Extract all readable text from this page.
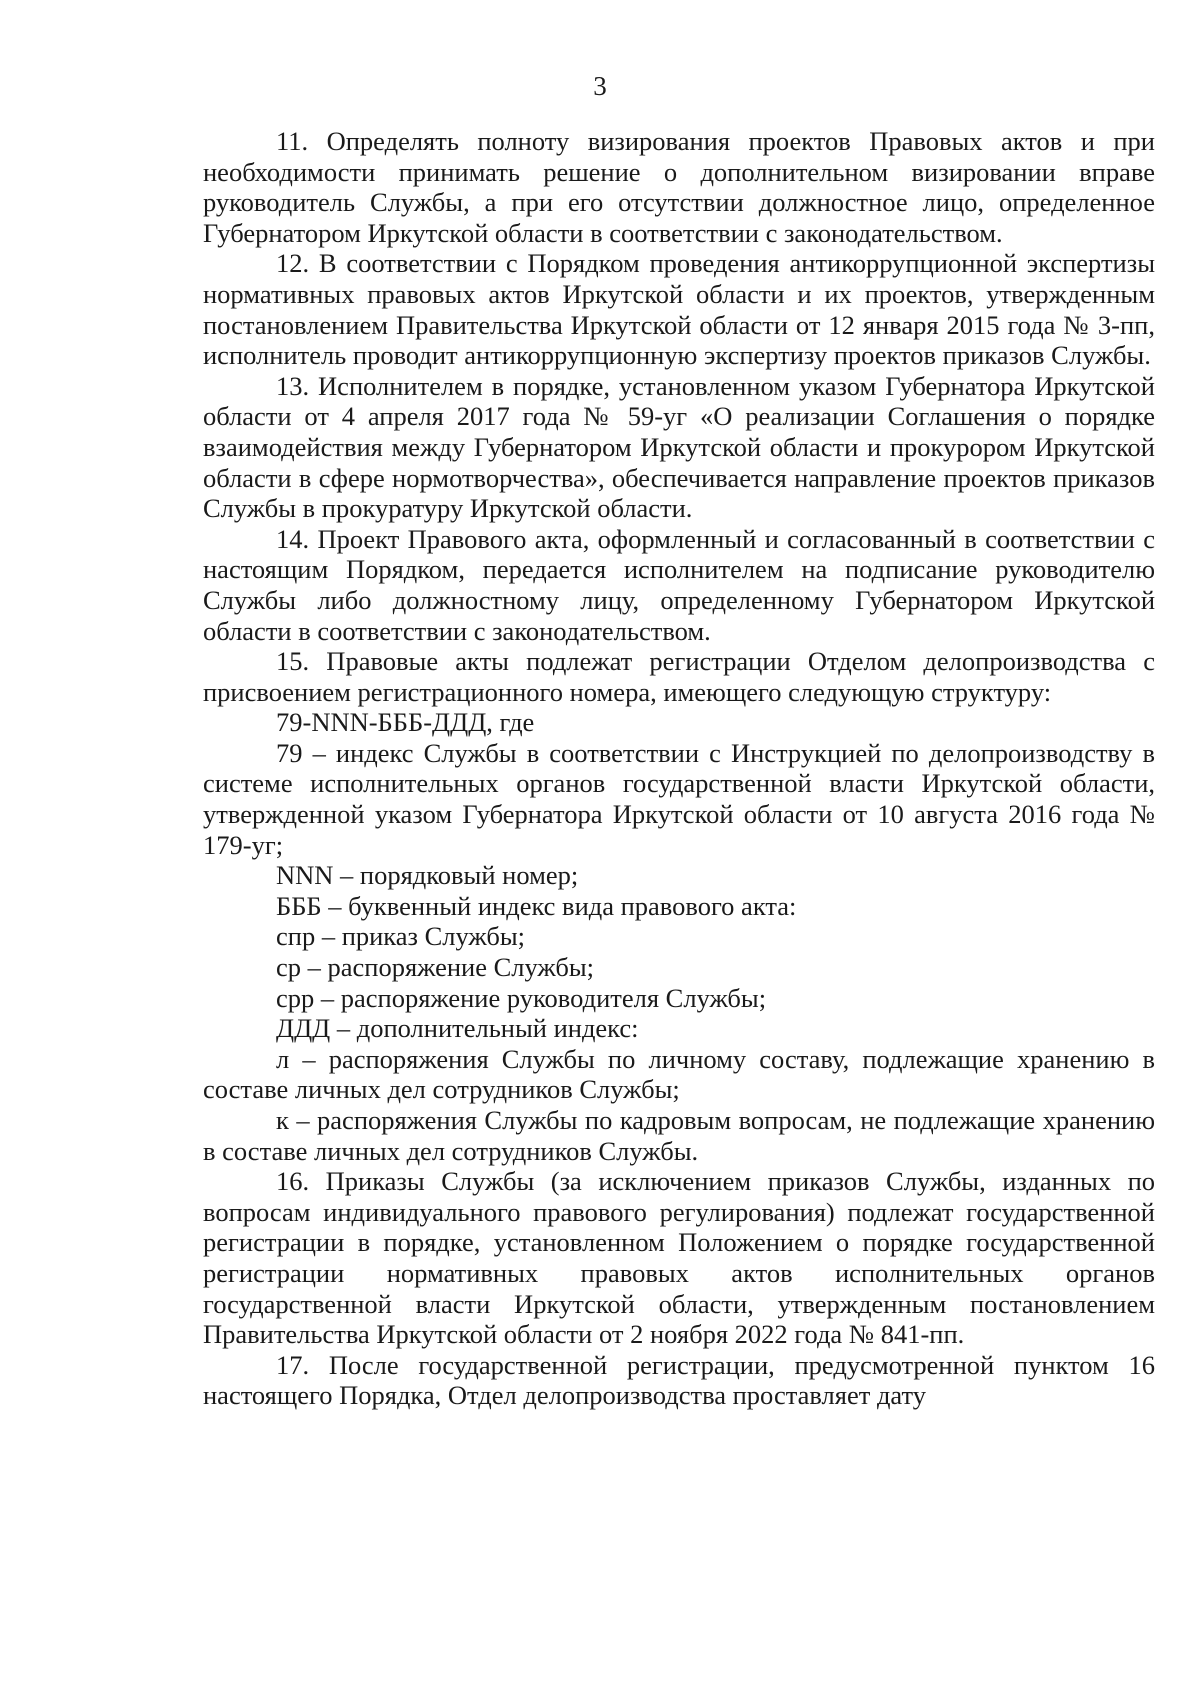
3

11. Определять полноту визирования проектов Правовых актов и при необходимости принимать решение о дополнительном визировании вправе руководитель Службы, а при его отсутствии должностное лицо, определенное Губернатором Иркутской области в соответствии с законодательством.

12. В соответствии с Порядком проведения антикоррупционной экспертизы нормативных правовых актов Иркутской области и их проектов, утвержденным постановлением Правительства Иркутской области от 12 января 2015 года № 3-пп, исполнитель проводит антикоррупционную экспертизу проектов приказов Службы.

13. Исполнителем в порядке, установленном указом Губернатора Иркутской области от 4 апреля 2017 года № 59-уг «О реализации Соглашения о порядке взаимодействия между Губернатором Иркутской области и прокурором Иркутской области в сфере нормотворчества», обеспечивается направление проектов приказов Службы в прокуратуру Иркутской области.

14. Проект Правового акта, оформленный и согласованный в соответствии с настоящим Порядком, передается исполнителем на подписание руководителю Службы либо должностному лицу, определенному Губернатором Иркутской области в соответствии с законодательством.

15. Правовые акты подлежат регистрации Отделом делопроизводства с присвоением регистрационного номера, имеющего следующую структуру:

79-NNN-БББ-ДДД, где

79 – индекс Службы в соответствии с Инструкцией по делопроизводству в системе исполнительных органов государственной власти Иркутской области, утвержденной указом Губернатора Иркутской области от 10 августа 2016 года № 179-уг;

NNN – порядковый номер;

БББ – буквенный индекс вида правового акта:

спр – приказ Службы;

ср – распоряжение Службы;

срр – распоряжение руководителя Службы;

ДДД – дополнительный индекс:

л – распоряжения Службы по личному составу, подлежащие хранению в составе личных дел сотрудников Службы;

к – распоряжения Службы по кадровым вопросам, не подлежащие хранению в составе личных дел сотрудников Службы.

16. Приказы Службы (за исключением приказов Службы, изданных по вопросам индивидуального правового регулирования) подлежат государственной регистрации в порядке, установленном Положением о порядке государственной регистрации нормативных правовых актов исполнительных органов государственной власти Иркутской области, утвержденным постановлением Правительства Иркутской области от 2 ноября 2022 года № 841-пп.

17. После государственной регистрации, предусмотренной пунктом 16 настоящего Порядка, Отдел делопроизводства проставляет дату
